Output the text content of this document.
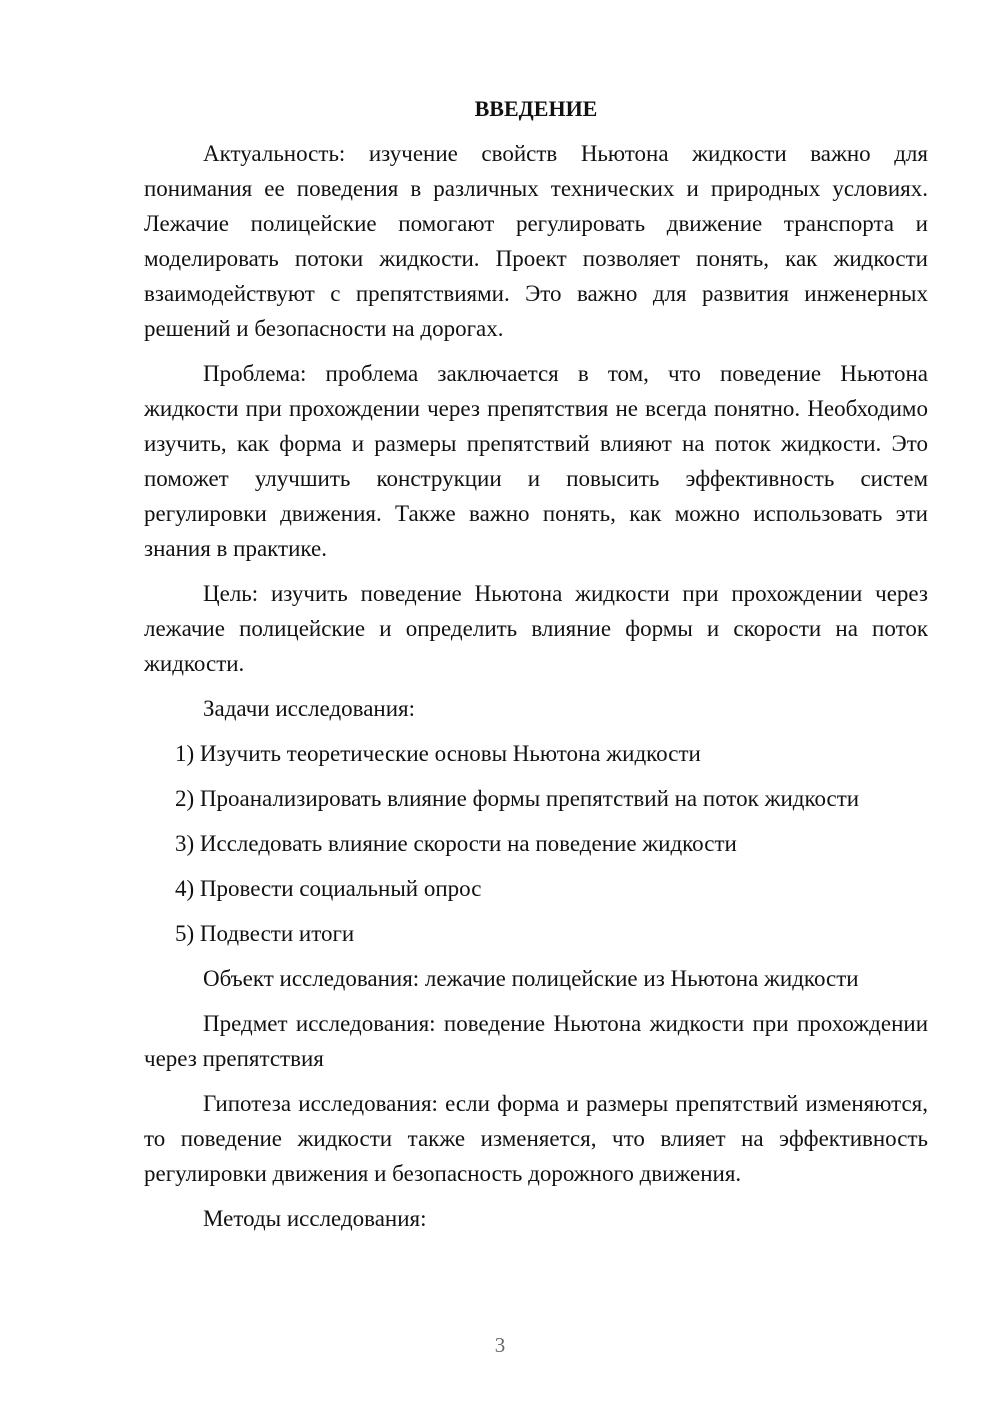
ВВЕДЕНИЕ

Актуальность: изучение свойств Ньютона жидкости важно для понимания ее поведения в различных технических и природных условиях. Лежачие полицейские помогают регулировать движение транспорта и моделировать потоки жидкости. Проект позволяет понять, как жидкости взаимодействуют с препятствиями. Это важно для развития инженерных решений и безопасности на дорогах.

Проблема: проблема заключается в том, что поведение Ньютона жидкости при прохождении через препятствия не всегда понятно. Необходимо изучить, как форма и размеры препятствий влияют на поток жидкости. Это поможет улучшить конструкции и повысить эффективность систем регулировки движения. Также важно понять, как можно использовать эти знания в практике.

Цель: изучить поведение Ньютона жидкости при прохождении через лежачие полицейские и определить влияние формы и скорости на поток жидкости.

Задачи исследования:

1) Изучить теоретические основы Ньютона жидкости
2) Проанализировать влияние формы препятствий на поток жидкости
3) Исследовать влияние скорости на поведение жидкости
4) Провести социальный опрос
5) Подвести итоги

Объект исследования: лежачие полицейские из Ньютона жидкости

Предмет исследования: поведение Ньютона жидкости при прохождении через препятствия

Гипотеза исследования: если форма и размеры препятствий изменяются, то поведение жидкости также изменяется, что влияет на эффективность регулировки движения и безопасность дорожного движения.

Методы исследования:

3
